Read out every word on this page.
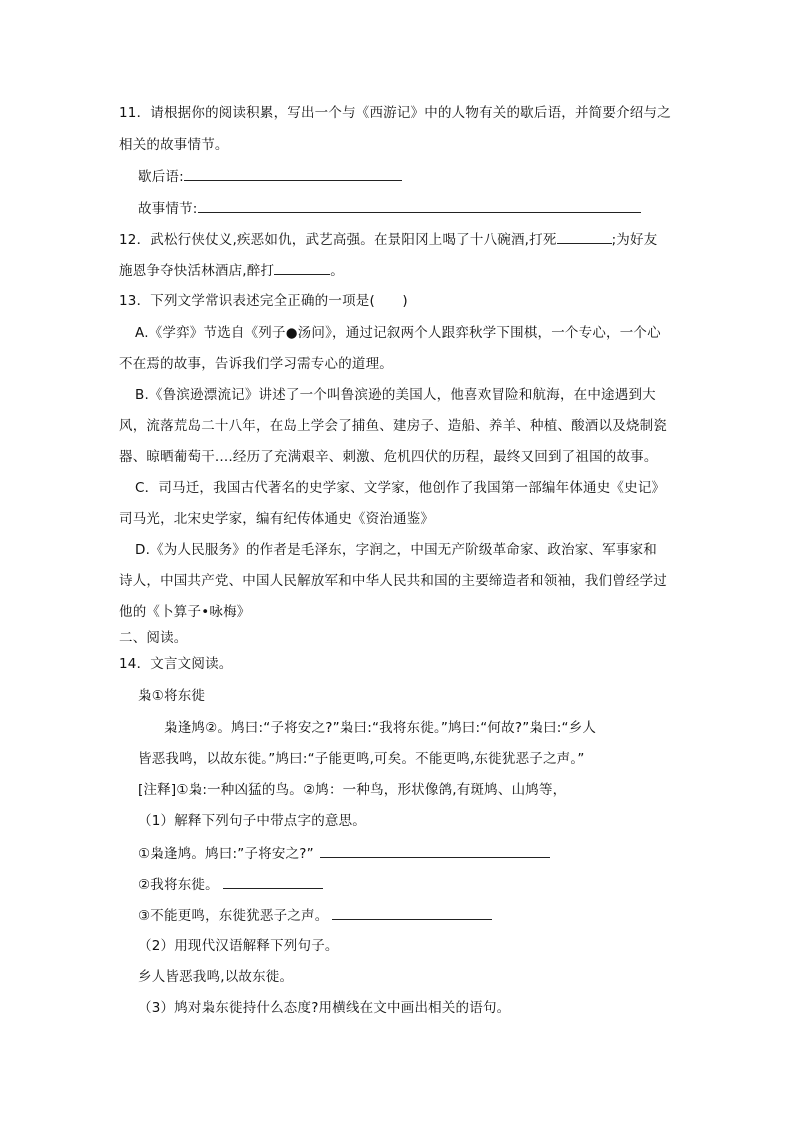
11．请根据你的阅读积累，写出一个与《西游记》中的人物有关的歇后语，并简要介绍与之
相关的故事情节。
歇后语:
故事情节:
12．武松行侠仗义,疾恶如仇，武艺高强。在景阳冈上喝了十八碗酒,打死	;为好友
施恩争夺快活林酒店,醉打	。
13．下列文学常识表述完全正确的一项是(　　)
A.《学弈》节选自《列子●汤问》，通过记叙两个人跟弈秋学下围棋，一个专心，一个心
不在焉的故事，告诉我们学习需专心的道理。
B.《鲁滨逊漂流记》讲述了一个叫鲁滨逊的美国人，他喜欢冒险和航海，在中途遇到大
风，流落荒岛二十八年，在岛上学会了捕鱼、建房子、造船、养羊、种植、酸酒以及烧制瓷
器、晾晒葡萄干....经历了充满艰辛、刺激、危机四伏的历程，最终又回到了祖国的故事。
C．司马迁，我国古代著名的史学家、文学家，他创作了我国第一部编年体通史《史记》
司马光，北宋史学家，编有纪传体通史《资治通鉴》
D.《为人民服务》的作者是毛泽东，字润之，中国无产阶级革命家、政治家、军事家和
诗人，中国共产党、中国人民解放军和中华人民共和国的主要缔造者和领袖，我们曾经学过
他的《卜算子•咏梅》
二、阅读。
14．文言文阅读。
枭①将东徙
枭逢鸠②。鸠曰:“子将安之?”枭曰:“我将东徙。”鸠曰:“何故?”枭曰:“乡人
皆恶我鸣，以故东徙。”鸠曰:“子能更鸣,可矣。不能更鸣,东徙犹恶子之声。”
[注释]①枭:一种凶猛的鸟。②鸠：一种鸟，形状像鸽,有斑鸠、山鸠等，
（1）解释下列句子中带点字的意思。
①枭逢鸠。鸠曰:”子将安之?”
②我将东徙。
③不能更鸣，东徙犹恶子之声。
（2）用现代汉语解释下列句子。
乡人皆恶我鸣,以故东徙。
（3）鸠对枭东徙持什么态度?用横线在文中画出相关的语句。
